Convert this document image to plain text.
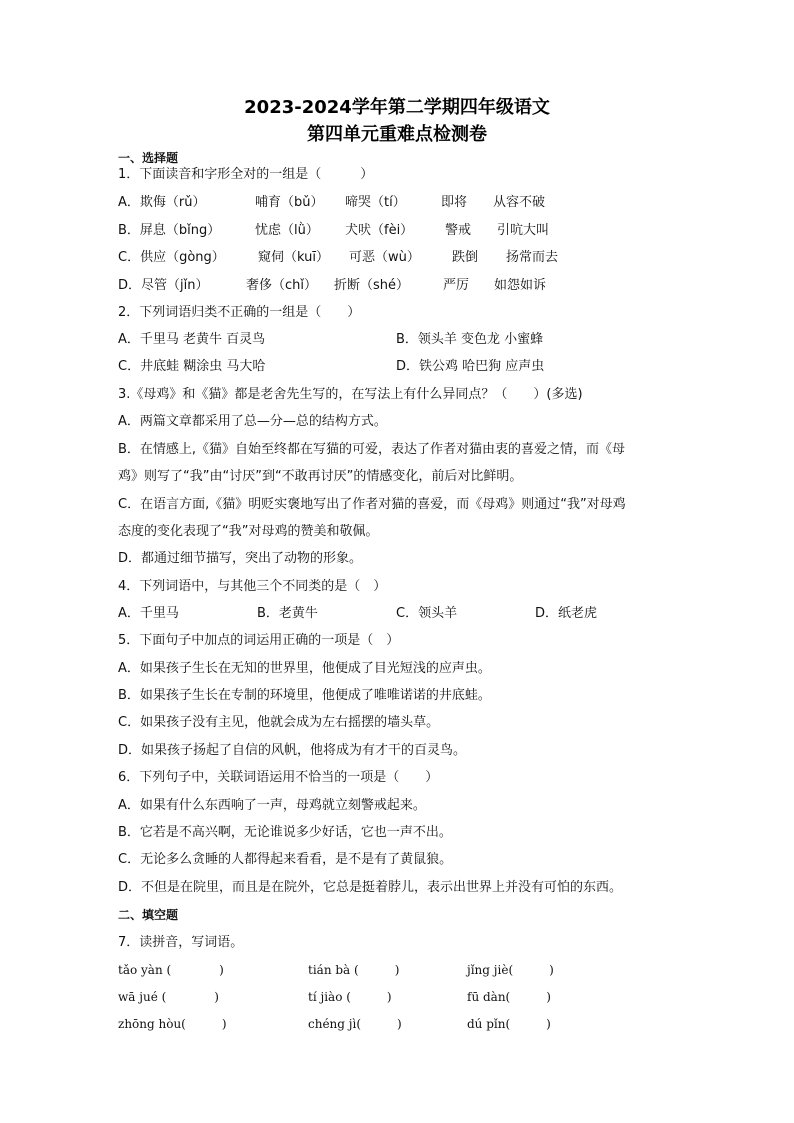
2023-2024学年第二学期四年级语文
第四单元重难点检测卷
一、选择题
1．下面读音和字形全对的一组是（　　　）
A．欺侮（rǔ）	哺育（bǔ） 啼哭（tí）	即将 从容不破
B．屏息（bǐng）	忧虑（lǜ） 犬吠（fèi） 警戒 引吭大叫
C．供应（gòng）	窥伺（kuī） 可恶（wù） 跌倒 扬常而去
D．尽管（jǐn）	奢侈（chǐ） 折断（shé）	严厉 如怨如诉
2．下列词语归类不正确的一组是（　　）
A．千里马 老黄牛 百灵鸟	B．领头羊 变色龙 小蜜蜂
C．井底蛙 糊涂虫 马大哈	D．铁公鸡 哈巴狗 应声虫
3.《母鸡》和《猫》都是老舍先生写的，在写法上有什么异同点？（　　）(多选)
A．两篇文章都采用了总—分—总的结构方式。
B．在情感上,《猫》自始至终都在写猫的可爱，表达了作者对猫由衷的喜爱之情，而《母
鸡》则写了“我”由“讨厌”到“不敢再讨厌”的情感变化，前后对比鲜明。
C．在语言方面,《猫》明贬实褒地写出了作者对猫的喜爱，而《母鸡》则通过“我”对母鸡
态度的变化表现了“我”对母鸡的赞美和敬佩。
D．都通过细节描写，突出了动物的形象。
4．下列词语中，与其他三个不同类的是（　）
A．千里马	B．老黄牛	C．领头羊	D．纸老虎
5．下面句子中加点的词运用正确的一项是（　）
A．如果孩子生长在无知的世界里，他便成了目光短浅的应声虫。
B．如果孩子生长在专制的环境里，他便成了唯唯诺诺的井底蛙。
C．如果孩子没有主见，他就会成为左右摇摆的墙头草。
D．如果孩子扬起了自信的风帆，他将成为有才干的百灵鸟。
6．下列句子中，关联词语运用不恰当的一项是（　　）
A．如果有什么东西响了一声，母鸡就立刻警戒起来。
B．它若是不高兴啊，无论谁说多少好话，它也一声不出。
C．无论多么贪睡的人都得起来看看，是不是有了黄鼠狼。
D．不但是在院里，而且是在院外，它总是挺着脖儿，表示出世界上并没有可怕的东西。
二、填空题
7．读拼音，写词语。
tǎo yàn (　　　　)	tián bà (　　　)	jǐng jiè(　　　)
wā jué (　　　　)	tí jiào (　　　)	fū dàn(　　　)
zhōng hòu(　　　)	chéng jì(　　　)	dú pǐn(　　　)
